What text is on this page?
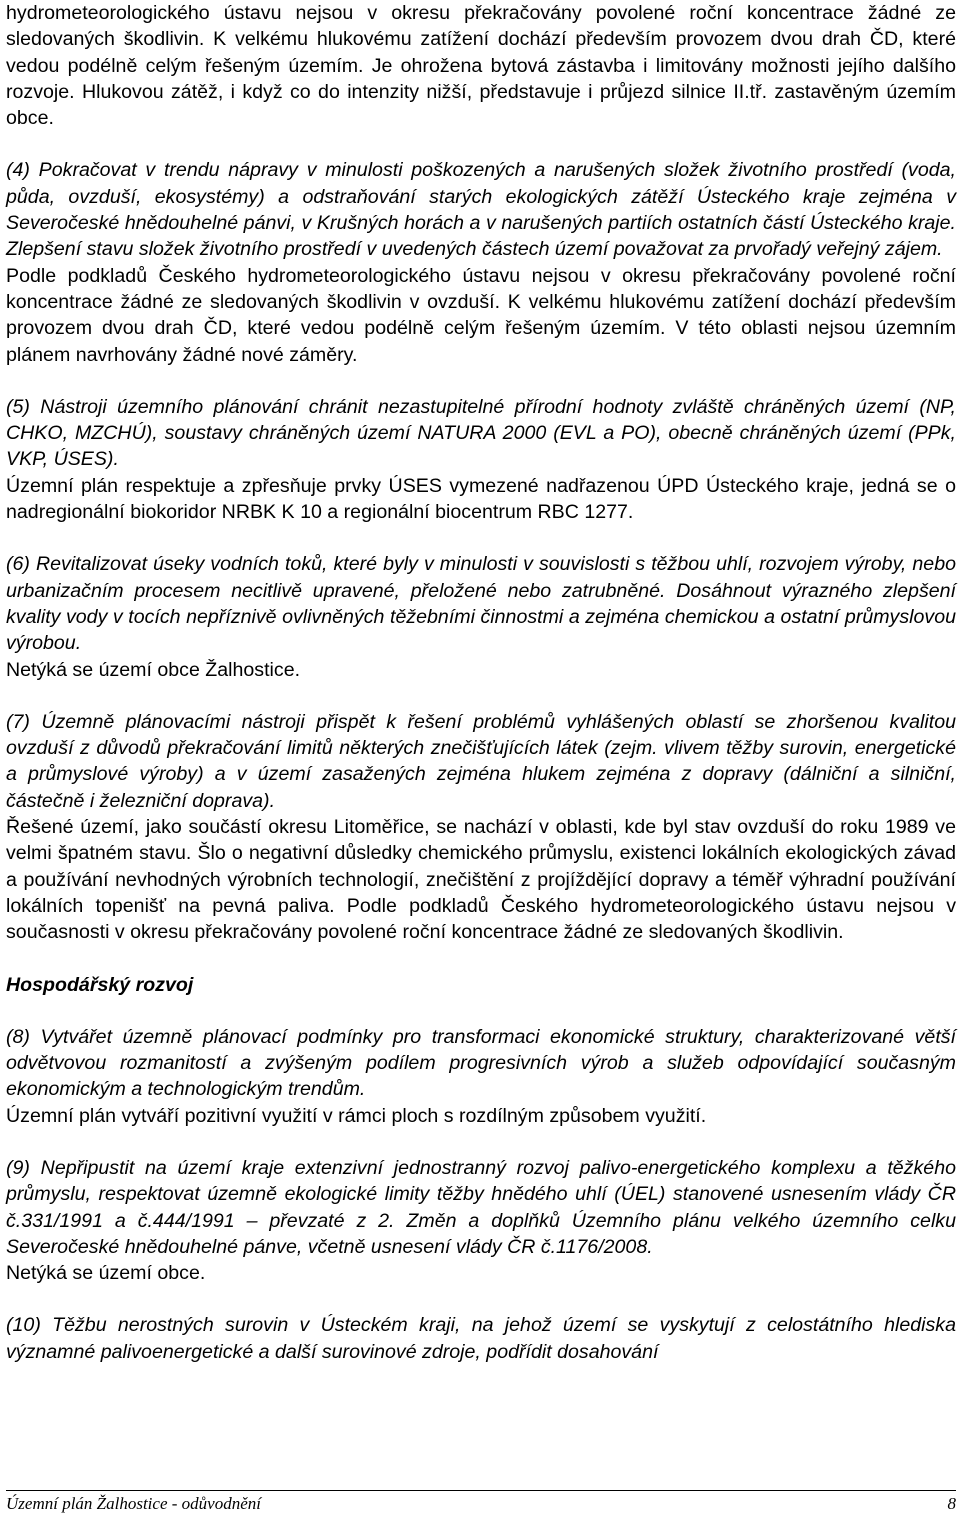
hydrometeorologického ústavu nejsou v okresu překračovány povolené roční koncentrace žádné ze sledovaných škodlivin. K velkému hlukovému zatížení dochází především provozem dvou drah ČD, které vedou podélně celým řešeným územím. Je ohrožena bytová zástavba i limitovány možnosti jejího dalšího rozvoje. Hlukovou zátěž, i když co do intenzity nižší, představuje i průjezd silnice II.tř. zastavěným územím obce.

(4) Pokračovat v trendu nápravy v minulosti poškozených a narušených složek životního prostředí (voda, půda, ovzduší, ekosystémy) a odstraňování starých ekologických zátěží Ústeckého kraje zejména v Severočeské hnědouhelné pánvi, v Krušných horách a v narušených partiích ostatních částí Ústeckého kraje. Zlepšení stavu složek životního prostředí v uvedených částech území považovat za prvořadý veřejný zájem.

Podle podkladů Českého hydrometeorologického ústavu nejsou v okresu překračovány povolené roční koncentrace žádné ze sledovaných škodlivin v ovzduší. K velkému hlukovému zatížení dochází především provozem dvou drah ČD, které vedou podélně celým řešeným územím. V této oblasti nejsou územním plánem navrhovány žádné nové záměry.

(5) Nástroji územního plánování chránit nezastupitelné přírodní hodnoty zvláště chráněných území (NP, CHKO, MZCHÚ), soustavy chráněných území NATURA 2000 (EVL a PO), obecně chráněných území (PPk, VKP, ÚSES).

Územní plán respektuje a zpřesňuje prvky ÚSES vymezené nadřazenou ÚPD Ústeckého kraje, jedná se o nadregionální biokoridor NRBK K 10 a regionální biocentrum RBC 1277.

(6) Revitalizovat úseky vodních toků, které byly v minulosti v souvislosti s těžbou uhlí, rozvojem výroby, nebo urbanizačním procesem necitlivě upravené, přeložené nebo zatrubněné. Dosáhnout výrazného zlepšení kvality vody v tocích nepříznivě ovlivněných těžebními činnostmi a zejména chemickou a ostatní průmyslovou výrobou.

Netýká se území obce Žalhostice.

(7) Územně plánovacími nástroji přispět k řešení problémů vyhlášených oblastí se zhoršenou kvalitou ovzduší z důvodů překračování limitů některých znečišťujících látek (zejm. vlivem těžby surovin, energetické a průmyslové výroby) a v území zasažených zejména hlukem zejména z dopravy (dálniční a silniční, částečně i železniční doprava).

Řešené území, jako součástí okresu Litoměřice, se nachází v oblasti, kde byl stav ovzduší do roku 1989 ve velmi špatném stavu. Šlo o negativní důsledky chemického průmyslu, existenci lokálních ekologických závad a používání nevhodných výrobních technologií, znečištění z projíždějící dopravy a téměř výhradní používání lokálních topenišť na pevná paliva. Podle podkladů Českého hydrometeorologického ústavu nejsou v současnosti v okresu překračovány povolené roční koncentrace žádné ze sledovaných škodlivin.

Hospodářský rozvoj

(8) Vytvářet územně plánovací podmínky pro transformaci ekonomické struktury, charakterizované větší odvětvovou rozmanitostí a zvýšeným podílem progresivních výrob a služeb odpovídající současným ekonomickým a technologickým trendům.

Územní plán vytváří pozitivní využití v rámci ploch s rozdílným způsobem využití.

(9) Nepřipustit na území kraje extenzivní jednostranný rozvoj palivo-energetického komplexu a těžkého průmyslu, respektovat územně ekologické limity těžby hnědého uhlí (ÚEL) stanovené usnesením vlády ČR č.331/1991 a č.444/1991 – převzaté z 2. Změn a doplňků Územního plánu velkého územního celku Severočeské hnědouhelné pánve, včetně usnesení vlády ČR č.1176/2008.

Netýká se území obce.

(10) Těžbu nerostných surovin v Ústeckém kraji, na jehož území se vyskytují z celostátního hlediska významné palivoenergetické a další surovinové zdroje, podřídit dosahování

Územní plán Žalhostice - odůvodnění	8
